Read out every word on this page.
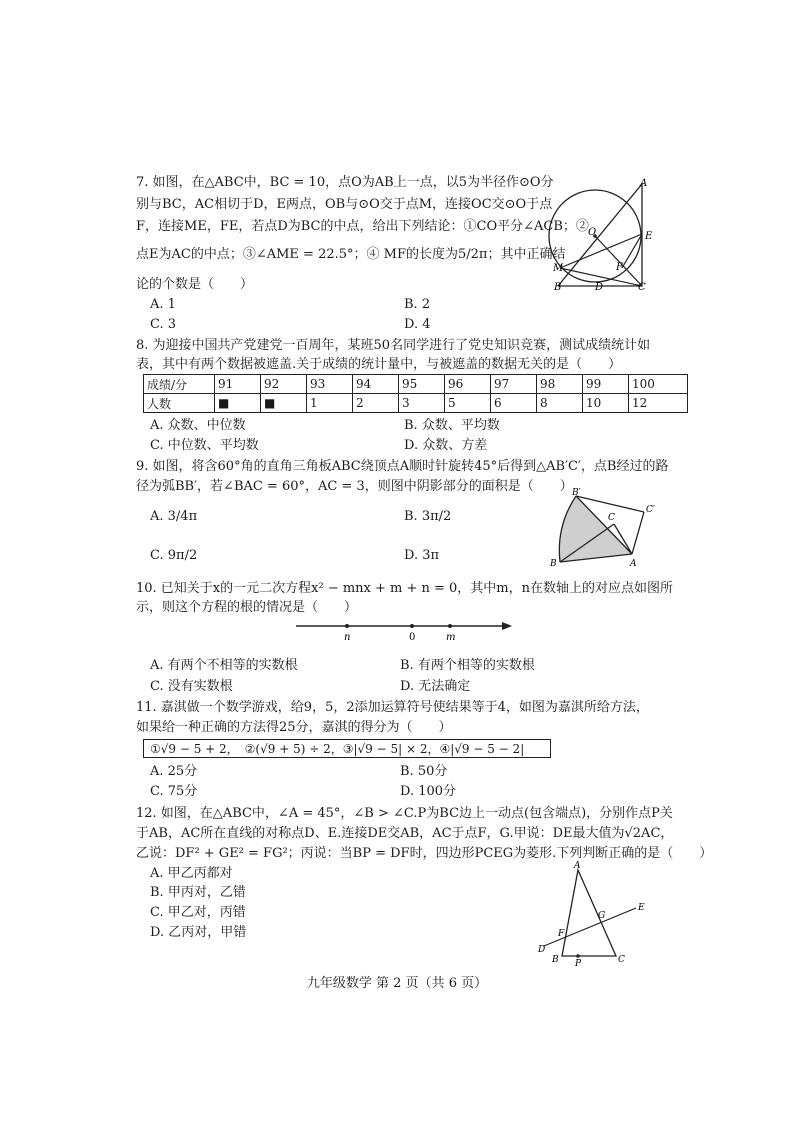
7. 如图，在△ABC中，BC = 10，点O为AB上一点，以5为半径作⊙O分
别与BC，AC相切于D，E两点，OB与⊙O交于点M，连接OC交⊙O于点
F，连接ME，FE，若点D为BC的中点，给出下列结论：①CO平分∠ACB；②
点E为AC的中点；③∠AME = 22.5°；④ MF的长度为5/2π；其中正确结
论的个数是（　　）
A. 1	B. 2
C. 3	D. 4
A
O	E
M	F
B	D	C
8. 为迎接中国共产党建党一百周年，某班50名同学进行了党史知识竞赛，测试成绩统计如
表，其中有两个数据被遮盖.关于成绩的统计量中，与被遮盖的数据无关的是（　　）
成绩/分	91	92	93	94	95	96	97	98	99	100
人数	■	■	1	2	3	5	6	8	10	12
A. 众数、中位数	B. 众数、平均数
C. 中位数、平均数	D. 众数、方差
9. 如图，将含60°角的直角三角板ABC绕顶点A顺时针旋转45°后得到△AB′C′，点B经过的路
径为弧BB′，若∠BAC = 60°，AC = 3，则图中阴影部分的面积是（　　）
A. 3/4π	B. 3π/2
C. 9π/2	D. 3π
B′
C′
C
B	A
10. 已知关于x的一元二次方程x² − mnx + m + n = 0，其中m，n在数轴上的对应点如图所
示，则这个方程的根的情况是（　　）
n	0	m
A. 有两个不相等的实数根	B. 有两个相等的实数根
C. 没有实数根	D. 无法确定
11. 嘉淇做一个数学游戏，给9，5，2添加运算符号使结果等于4，如图为嘉淇所给方法，
如果给一种正确的方法得25分，嘉淇的得分为（　　）
①√9 − 5 + 2，　②(√9 + 5) ÷ 2，③|√9 − 5| × 2，④|√9 − 5 − 2|
A. 25分	B. 50分
C. 75分	D. 100分
12. 如图，在△ABC中，∠A = 45°，∠B > ∠C.P为BC边上一动点(包含端点)，分别作点P关
于AB，AC所在直线的对称点D、E.连接DE交AB，AC于点F，G.甲说：DE最大值为√2AC，
乙说：DF² + GE² = FG²；丙说：当BP = DF时，四边形PCEG为菱形.下列判断正确的是（　　）
A. 甲乙丙都对
B. 甲丙对，乙错
C. 甲乙对，丙错
D. 乙丙对，甲错
A
G
E
F
D
B P	C
九年级数学 第 2 页（共 6 页）
